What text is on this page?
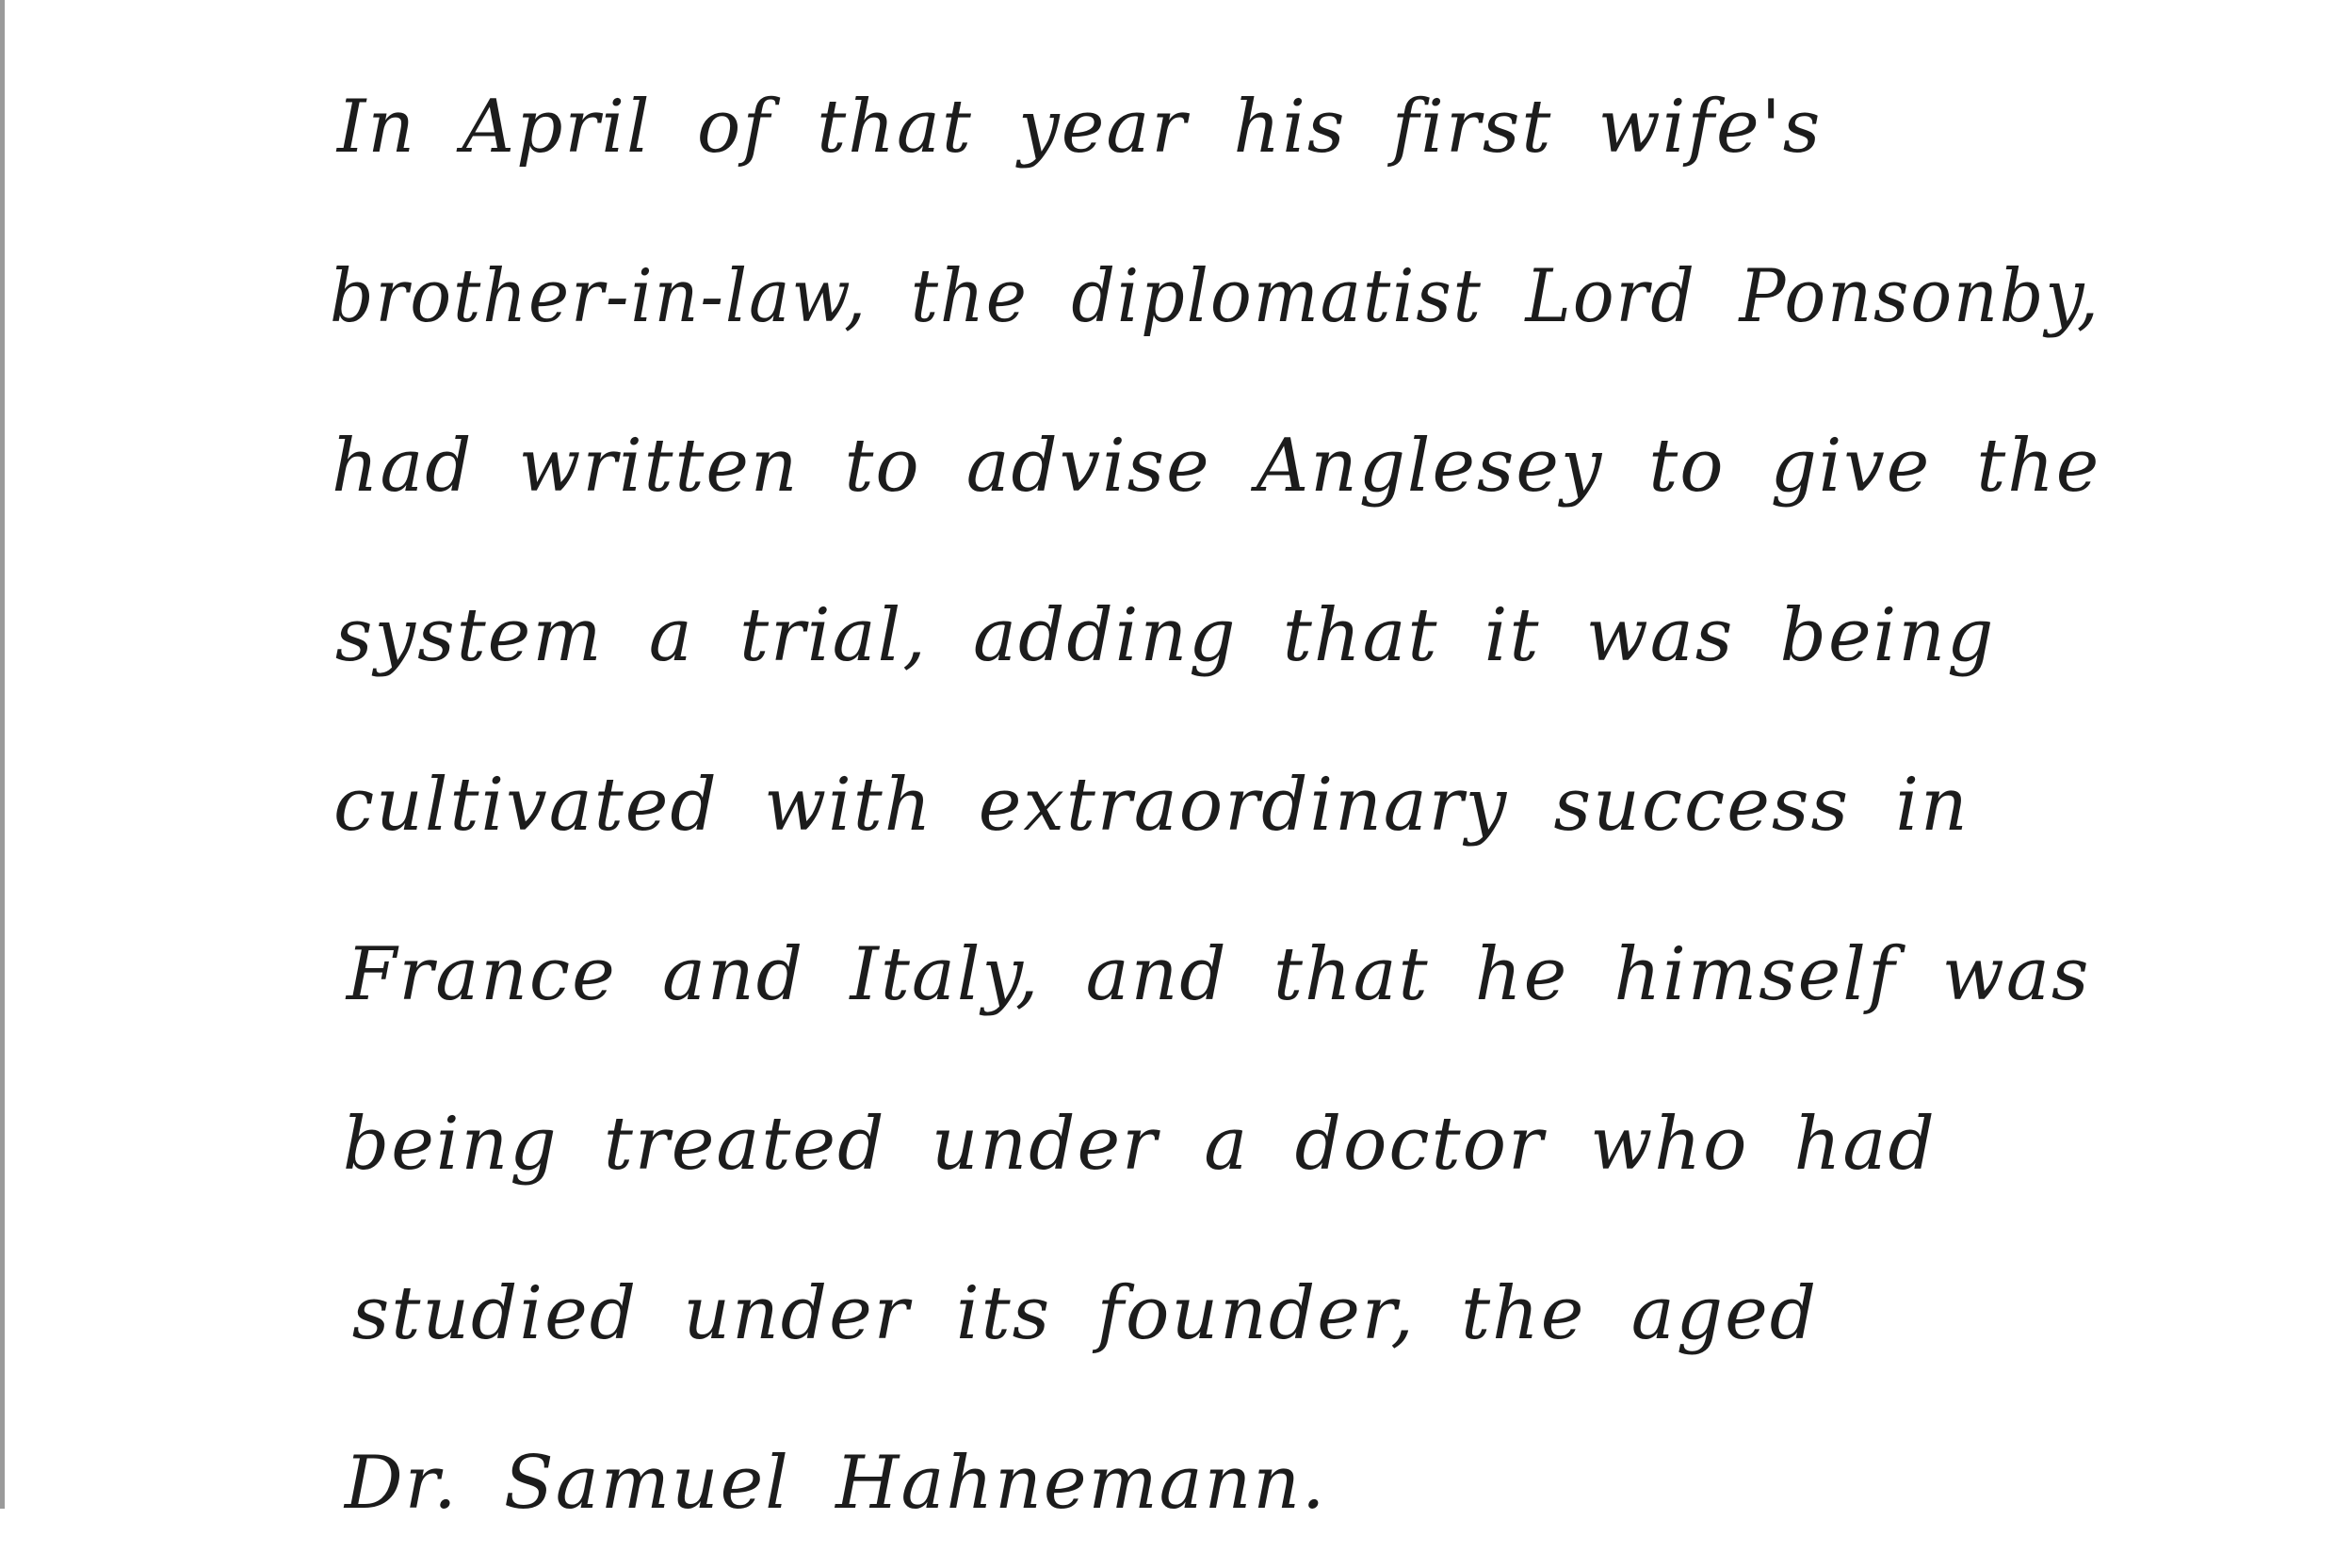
In April of that year his first wife's
brother-in-law, the diplomatist Lord Ponsonby,
had written to advise Anglesey to give the
system a trial, adding that it was being
cultivated with extraordinary success in
France and Italy, and that he himself was
being treated under a doctor who had
studied under its founder, the aged
Dr. Samuel Hahnemann.
